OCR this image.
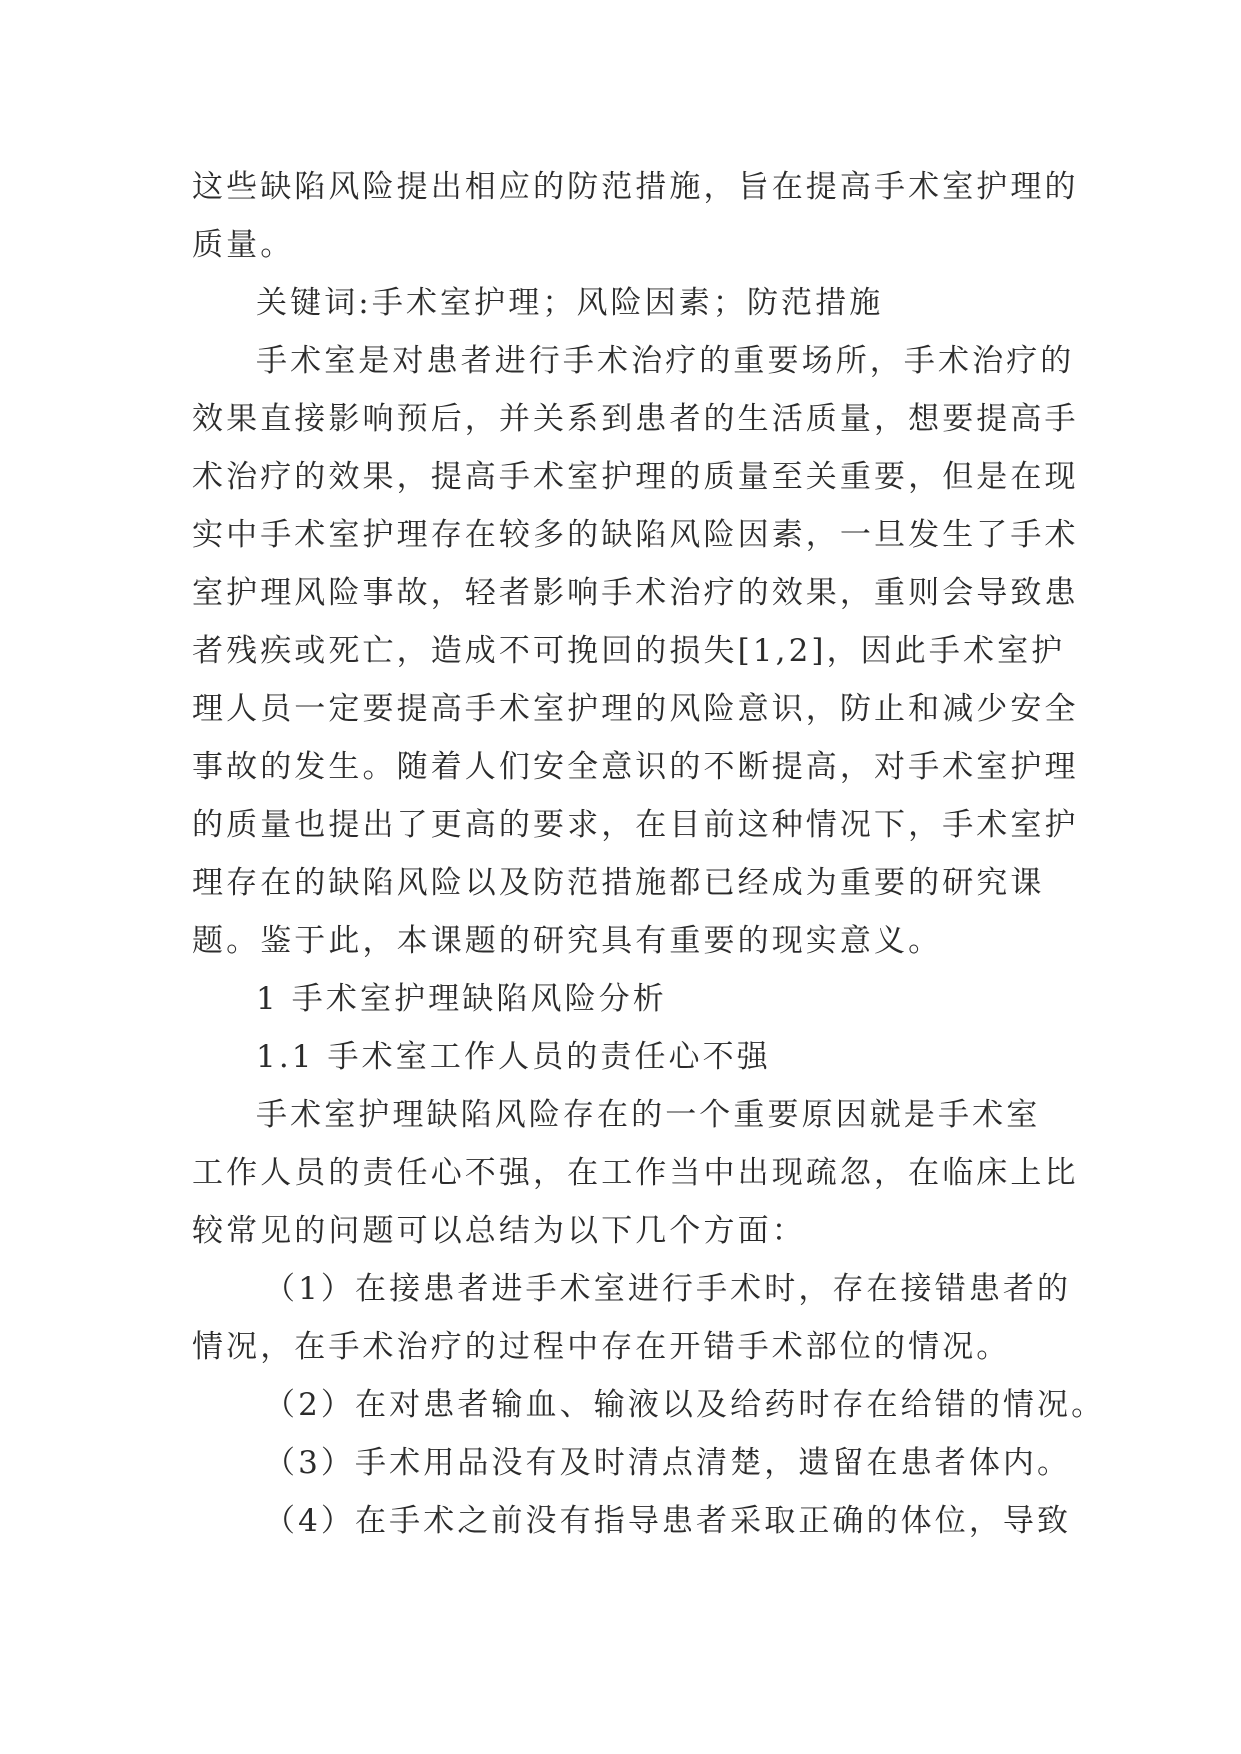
这些缺陷风险提出相应的防范措施，旨在提高手术室护理的
质量。
关键词:手术室护理；风险因素；防范措施
手术室是对患者进行手术治疗的重要场所，手术治疗的
效果直接影响预后，并关系到患者的生活质量，想要提高手
术治疗的效果，提高手术室护理的质量至关重要，但是在现
实中手术室护理存在较多的缺陷风险因素，一旦发生了手术
室护理风险事故，轻者影响手术治疗的效果，重则会导致患
者残疾或死亡，造成不可挽回的损失[1,2]，因此手术室护
理人员一定要提高手术室护理的风险意识，防止和减少安全
事故的发生。随着人们安全意识的不断提高，对手术室护理
的质量也提出了更高的要求，在目前这种情况下，手术室护
理存在的缺陷风险以及防范措施都已经成为重要的研究课
题。鉴于此，本课题的研究具有重要的现实意义。
1 手术室护理缺陷风险分析
1.1 手术室工作人员的责任心不强
手术室护理缺陷风险存在的一个重要原因就是手术室
工作人员的责任心不强，在工作当中出现疏忽，在临床上比
较常见的问题可以总结为以下几个方面：
（1）在接患者进手术室进行手术时，存在接错患者的
情况，在手术治疗的过程中存在开错手术部位的情况。
（2）在对患者输血、输液以及给药时存在给错的情况。
（3）手术用品没有及时清点清楚，遗留在患者体内。
（4）在手术之前没有指导患者采取正确的体位，导致
